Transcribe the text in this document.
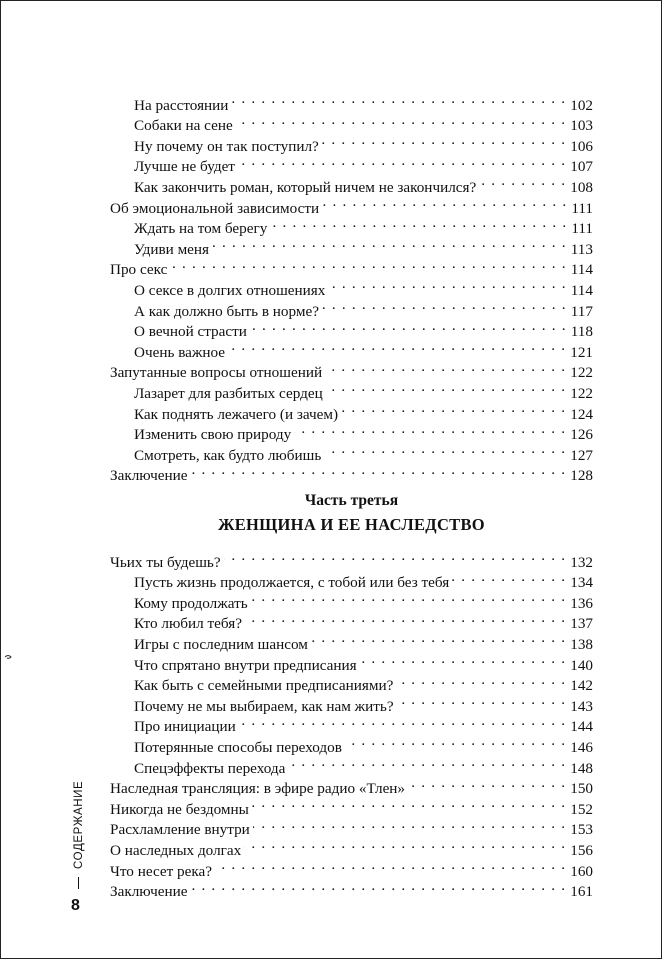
На расстоянии . . .	102
Собаки на сене . . .	103
Ну почему он так поступил? . . .	106
Лучше не будет . . .	107
Как закончить роман, который ничем не закончился? . . .	108
Об эмоциональной зависимости . . .	111
Ждать на том берегу . . .	111
Удиви меня . . .	113
Про секс . . .	114
О сексе в долгих отношениях . . .	114
А как должно быть в норме? . . .	117
О вечной страсти . . .	118
Очень важное . . .	121
Запутанные вопросы отношений . . .	122
Лазарет для разбитых сердец . . .	122
Как поднять лежачего (и зачем) . . .	124
Изменить свою природу . . .	126
Смотреть, как будто любишь . . .	127
Заключение . . .	128
Часть третья
ЖЕНЩИНА И ЕЕ НАСЛЕДСТВО
Чьих ты будешь? . . .	132
Пусть жизнь продолжается, с тобой или без тебя . . .	134
Кому продолжать . . .	136
Кто любил тебя? . . .	137
Игры с последним шансом . . .	138
Что спрятано внутри предписания . . .	140
Как быть с семейными предписаниями? . . .	142
Почему не мы выбираем, как нам жить? . . .	143
Про инициации . . .	144
Потерянные способы переходов . . .	146
Спецэффекты перехода . . .	148
Наследная трансляция: в эфире радио «Тлен» . . .	150
Никогда не бездомны . . .	152
Расхламление внутри . . .	153
О наследных долгах . . .	156
Что несет река? . . .	160
Заключение . . .	161
СОДЕРЖАНИЕ
8
